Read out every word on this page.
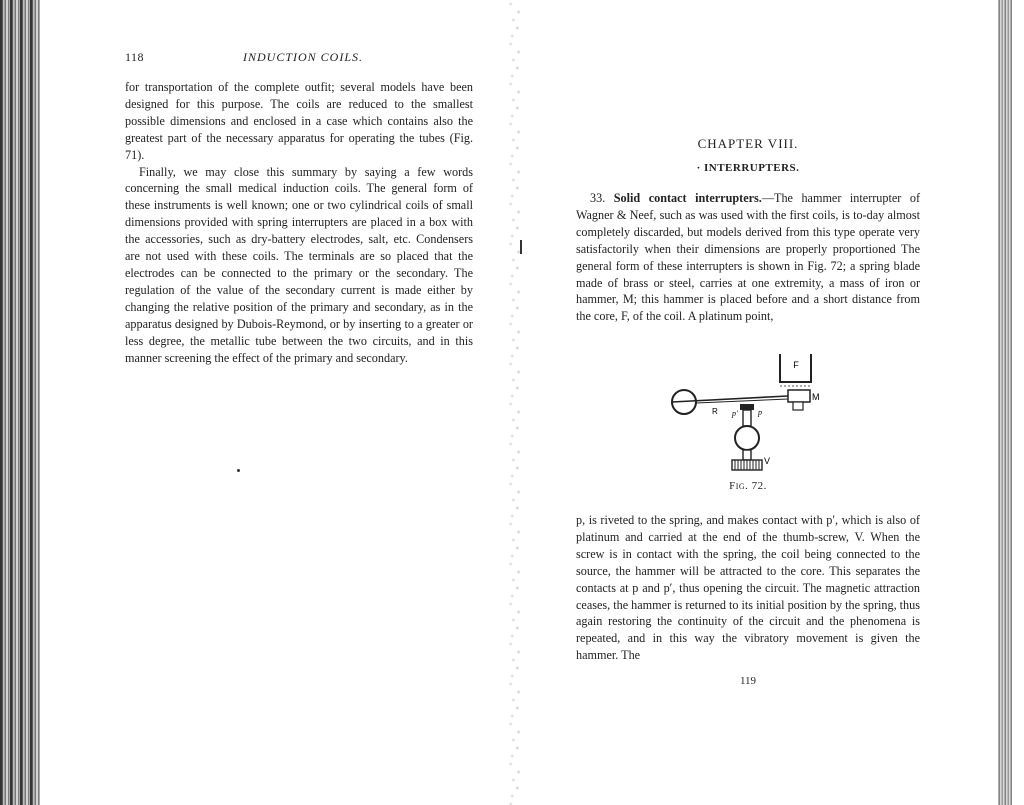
118	INDUCTION COILS.

for transportation of the complete outfit; several models have been designed for this purpose. The coils are reduced to the smallest possible dimensions and enclosed in a case which contains also the greatest part of the necessary apparatus for operating the tubes (Fig. 71).

Finally, we may close this summary by saying a few words concerning the small medical induction coils. The general form of these instruments is well known; one or two cylindrical coils of small dimensions provided with spring interrupters are placed in a box with the accessories, such as dry-battery electrodes, salt, etc. Condensers are not used with these coils. The terminals are so placed that the electrodes can be connected to the primary or the secondary. The regulation of the value of the secondary current is made either by changing the relative position of the primary and secondary, as in the apparatus designed by Dubois-Reymond, or by inserting to a greater or less degree, the metallic tube between the two circuits, and in this manner screening the effect of the primary and secondary.

CHAPTER VIII.
· INTERRUPTERS.

33. Solid contact interrupters.—The hammer interrupter of Wagner & Neef, such as was used with the first coils, is to-day almost completely discarded, but models derived from this type operate very satisfactorily when their dimensions are properly proportioned The general form of these interrupters is shown in Fig. 72; a spring blade made of brass or steel, carries at one extremity, a mass of iron or hammer, M; this hammer is placed before and a short distance from the core, F, of the coil. A platinum point,

F
M
R p′	p
V
Fig. 72.

p, is riveted to the spring, and makes contact with p′, which is also of platinum and carried at the end of the thumb-screw, V. When the screw is in contact with the spring, the coil being connected to the source, the hammer will be attracted to the core. This separates the contacts at p and p′, thus opening the circuit. The magnetic attraction ceases, the hammer is returned to its initial position by the spring, thus again restoring the continuity of the circuit and the phenomena is repeated, and in this way the vibratory movement is given the hammer. The

119
